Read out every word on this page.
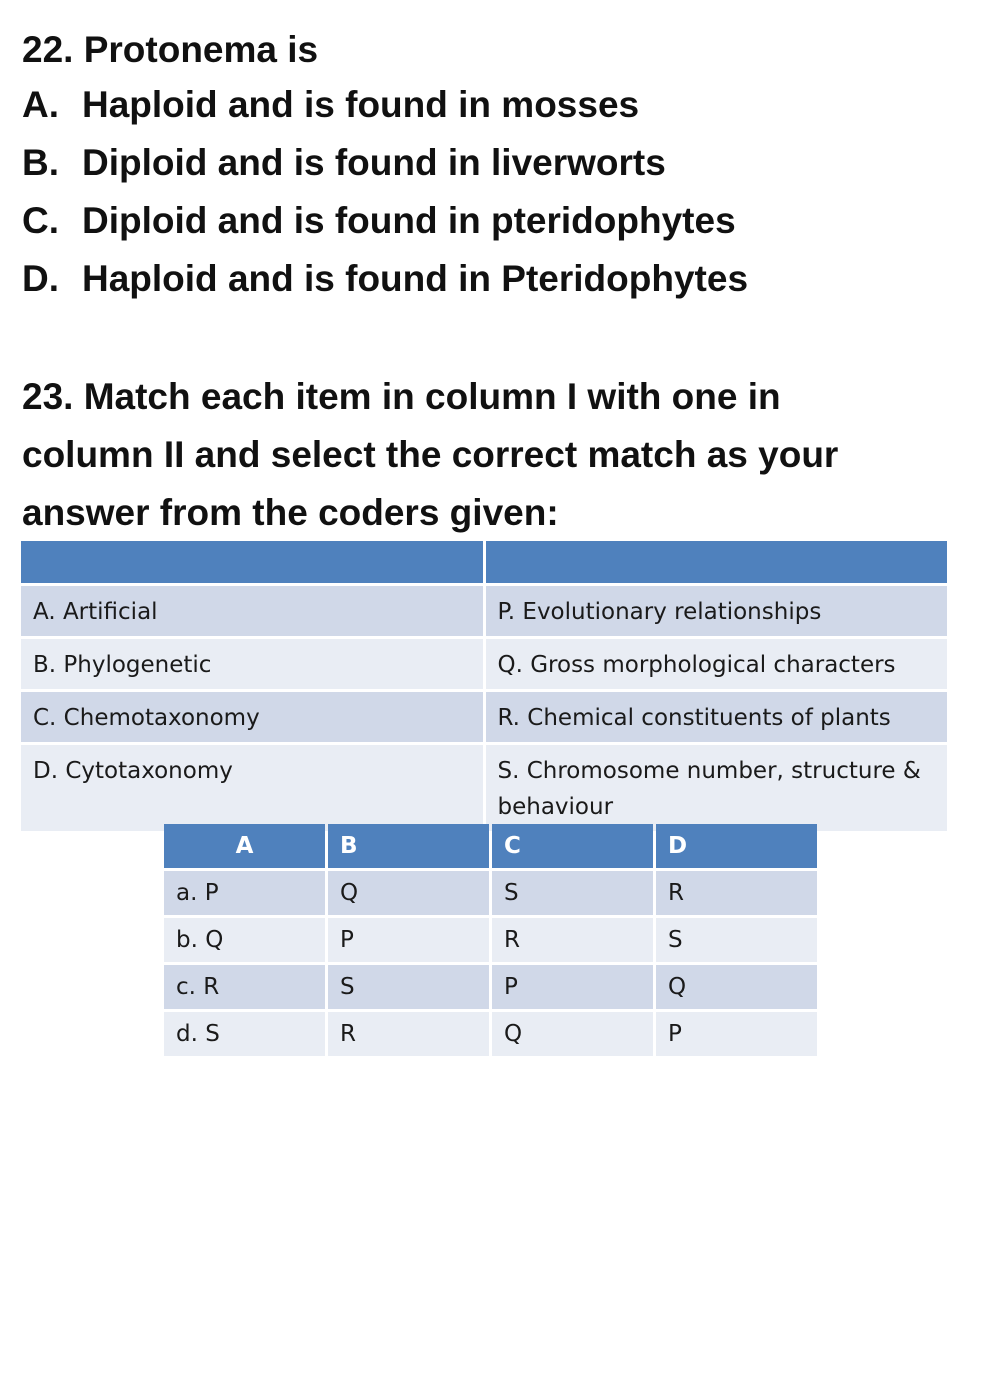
22. Protonema is
A. Haploid and is found in mosses
B. Diploid and is found in liverworts
C. Diploid and is found in pteridophytes
D. Haploid and is found in Pteridophytes
23. Match each item in column I with one in
column II and select the correct match as your
answer from the coders given:

A. Artificial	P. Evolutionary relationships
B. Phylogenetic	Q. Gross morphological characters
C. Chemotaxonomy	R. Chemical constituents of plants
D. Cytotaxonomy	S. Chromosome number, structure & behaviour
A	B	C	D
a. P	Q	S	R
b. Q	P	R	S
c. R	S	P	Q
d. S	R	Q	P
